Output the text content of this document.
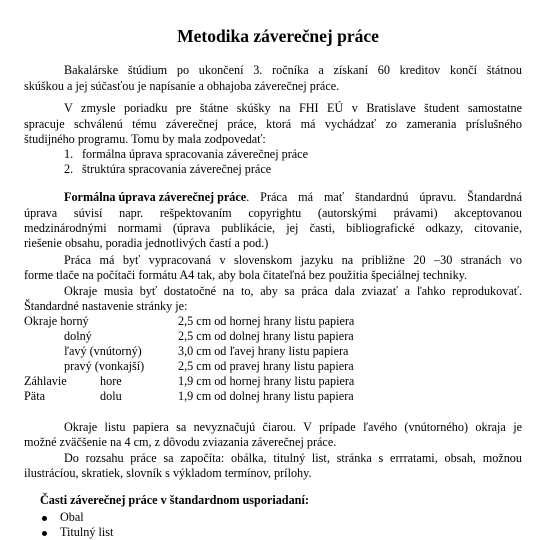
Metodika záverečnej práce
Bakalárske štúdium po ukončení 3. ročníka a získaní 60 kreditov končí štátnou
skúškou a jej súčasťou je napísanie a obhajoba záverečnej práce.
V zmysle poriadku pre štátne skúšky na FHI EÚ v Bratislave študent samostatne
spracuje schválenú tému záverečnej práce, ktorá má vychádzať zo zamerania príslušného
študijného programu. Tomu by mala zodpovedať:
1. formálna úprava spracovania záverečnej práce
2. štruktúra spracovania záverečnej práce
Formálna úprava záverečnej práce . Práca má mať štandardnú úpravu. Štandardná
úprava súvisí napr. rešpektovaním copyrightu (autorskými právami) akceptovanou
medzinárodnými normami (úprava publikácie, jej časti, bibliografické odkazy, citovanie,
riešenie obsahu, poradia jednotlivých častí a pod.)
Práca má byť vypracovaná v slovenskom jazyku na približne 20 –30 stranách vo
forme tlače na počítači formátu A4 tak, aby bola čitateľná bez použitia špeciálnej techniky.
Okraje musia byť dostatočné na to, aby sa práca dala zviazať a ľahko reprodukovať.
Štandardné nastavenie stránky je:
Okraje horný	2,5 cm od hornej hrany listu papiera
dolný	2,5 cm od dolnej hrany listu papiera
ľavý (vnútorný)	3,0 cm od ľavej hrany listu papiera
pravý (vonkajší)	2,5 cm od pravej hrany listu papiera
Záhlavie	hore	1,9 cm od hornej hrany listu papiera
Päta	dolu	1,9 cm od dolnej hrany listu papiera
Okraje listu papiera sa nevyznačujú čiarou. V prípade ľavého (vnútorného) okraja je
možné zväčšenie na 4 cm, z dôvodu zviazania záverečnej práce.
Do rozsahu práce sa započíta: obálka, titulný list, stránka s errratami, obsah, možnou
ilustrácíou, skratiek, slovník s výkladom termínov, prílohy.
Časti záverečnej práce v štandardnom usporiadaní:
Obal
Titulný list
